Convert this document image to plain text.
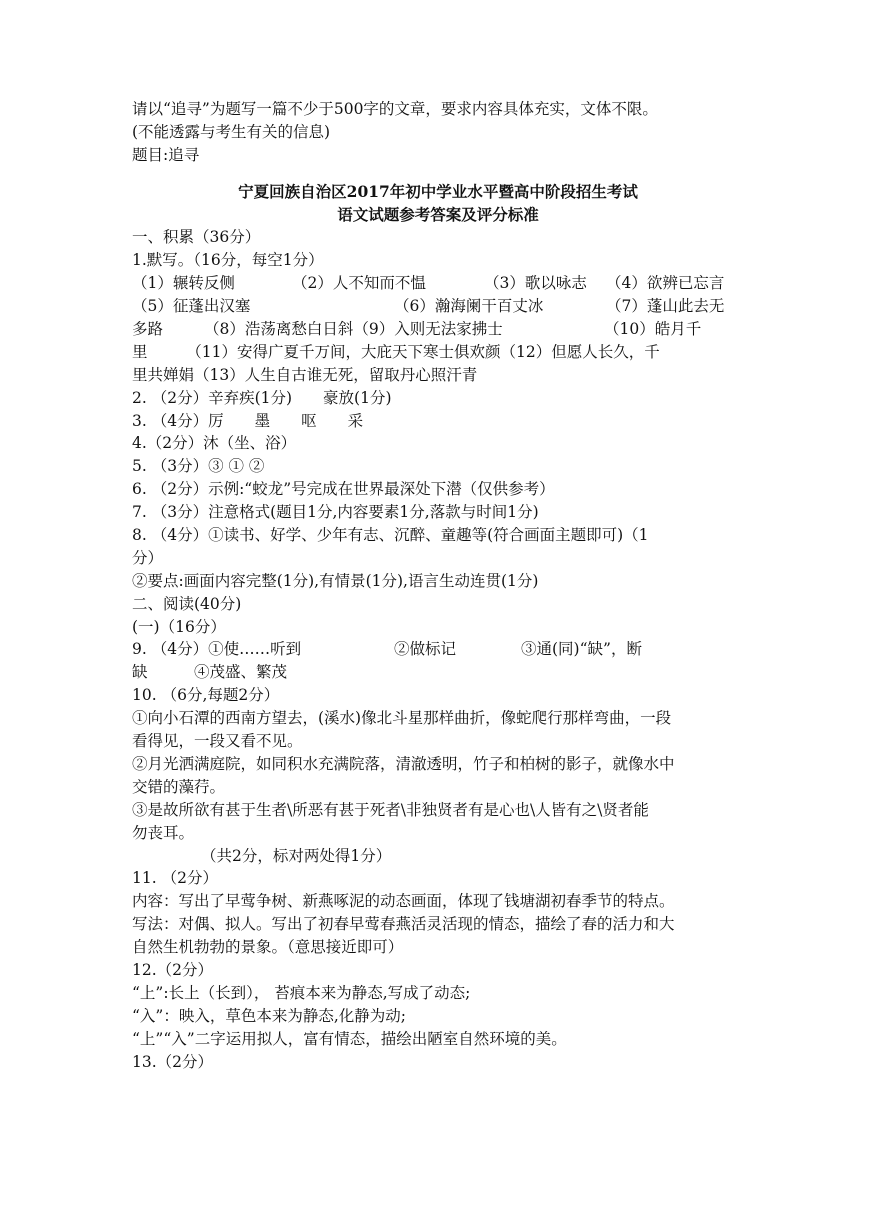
请以“追寻”为题写一篇不少于500字的文章，要求内容具体充实，文体不限。
(不能透露与考生有关的信息)
题目:追寻
宁夏回族自治区2017年初中学业水平暨高中阶段招生考试
语文试题参考答案及评分标准
一、积累（36分）
1.默写。（16分，每空1分）
（1）辗转反侧	（2）人不知而不愠	（3）歌以咏志	（4）欲辨已忘言
（5）征蓬出汉塞	（6）瀚海阑干百丈冰	（7）蓬山此去无
多路	（8）浩荡离愁白日斜（9）入则无法家拂士	（10）皓月千
里　　　（11）安得广夏千万间，大庇天下寒士俱欢颜（12）但愿人长久，千
里共婵娟（13）人生自古谁无死，留取丹心照汗青
2. （2分）辛弃疾(1分)　　豪放(1分)
3. （4分）厉　　墨　　呕　　采
4.（2分）沐（坐、浴）
5. （3分）③ ① ②
6. （2分）示例:“蛟龙”号完成在世界最深处下潜（仅供参考）
7. （3分）注意格式(题目1分,内容要素1分,落款与时间1分)
8. （4分）①读书、好学、少年有志、沉醉、童趣等(符合画面主题即可)（1
分）
②要点:画面内容完整(1分),有情景(1分),语言生动连贯(1分)
二、阅读(40分)
(一)（16分）
9. （4分）①使……听到	②做标记	③通(同)“缺”，断
缺　　　④茂盛、繁茂
10. （6分,每题2分）
①向小石潭的西南方望去，(溪水)像北斗星那样曲折，像蛇爬行那样弯曲，一段
看得见，一段又看不见。
②月光洒满庭院，如同积水充满院落，清澈透明，竹子和柏树的影子，就像水中
交错的藻荇。
③是故所欲有甚于生者\所恶有甚于死者\非独贤者有是心也\人皆有之\贤者能
勿丧耳。
（共2分，标对两处得1分）
11. （2分）
内容：写出了早莺争树、新燕啄泥的动态画面，体现了钱塘湖初春季节的特点。
写法：对偶、拟人。写出了初春早莺春燕活灵活现的情态，描绘了春的活力和大
自然生机勃勃的景象。（意思接近即可）
12.（2分）
“上”:长上（长到）， 苔痕本来为静态,写成了动态;
“入”：映入，草色本来为静态,化静为动;
“上”“入”二字运用拟人，富有情态，描绘出陋室自然环境的美。
13.（2分）
